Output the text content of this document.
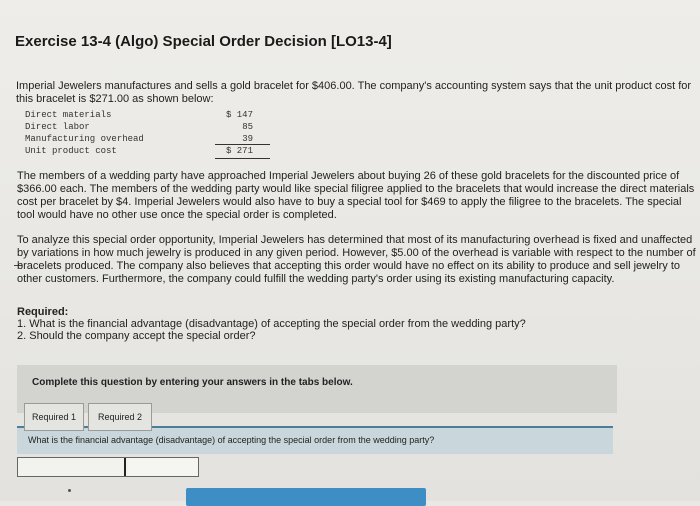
Exercise 13-4 (Algo) Special Order Decision [LO13-4]
Imperial Jewelers manufactures and sells a gold bracelet for $406.00. The company's accounting system says that the unit product cost for this bracelet is $271.00 as shown below:
Direct materials	$ 147
Direct labor	85
Manufacturing overhead	39
Unit product cost	$ 271
The members of a wedding party have approached Imperial Jewelers about buying 26 of these gold bracelets for the discounted price of $366.00 each. The members of the wedding party would like special filigree applied to the bracelets that would increase the direct materials cost per bracelet by $4. Imperial Jewelers would also have to buy a special tool for $469 to apply the filigree to the bracelets. The special tool would have no other use once the special order is completed.
To analyze this special order opportunity, Imperial Jewelers has determined that most of its manufacturing overhead is fixed and unaffected by variations in how much jewelry is produced in any given period. However, $5.00 of the overhead is variable with respect to the number of bracelets produced. The company also believes that accepting this order would have no effect on its ability to produce and sell jewelry to other customers. Furthermore, the company could fulfill the wedding party's order using its existing manufacturing capacity.
Required:
1. What is the financial advantage (disadvantage) of accepting the special order from the wedding party?
2. Should the company accept the special order?
Complete this question by entering your answers in the tabs below.
What is the financial advantage (disadvantage) of accepting the special order from the wedding party?
Required 1	Required 2
